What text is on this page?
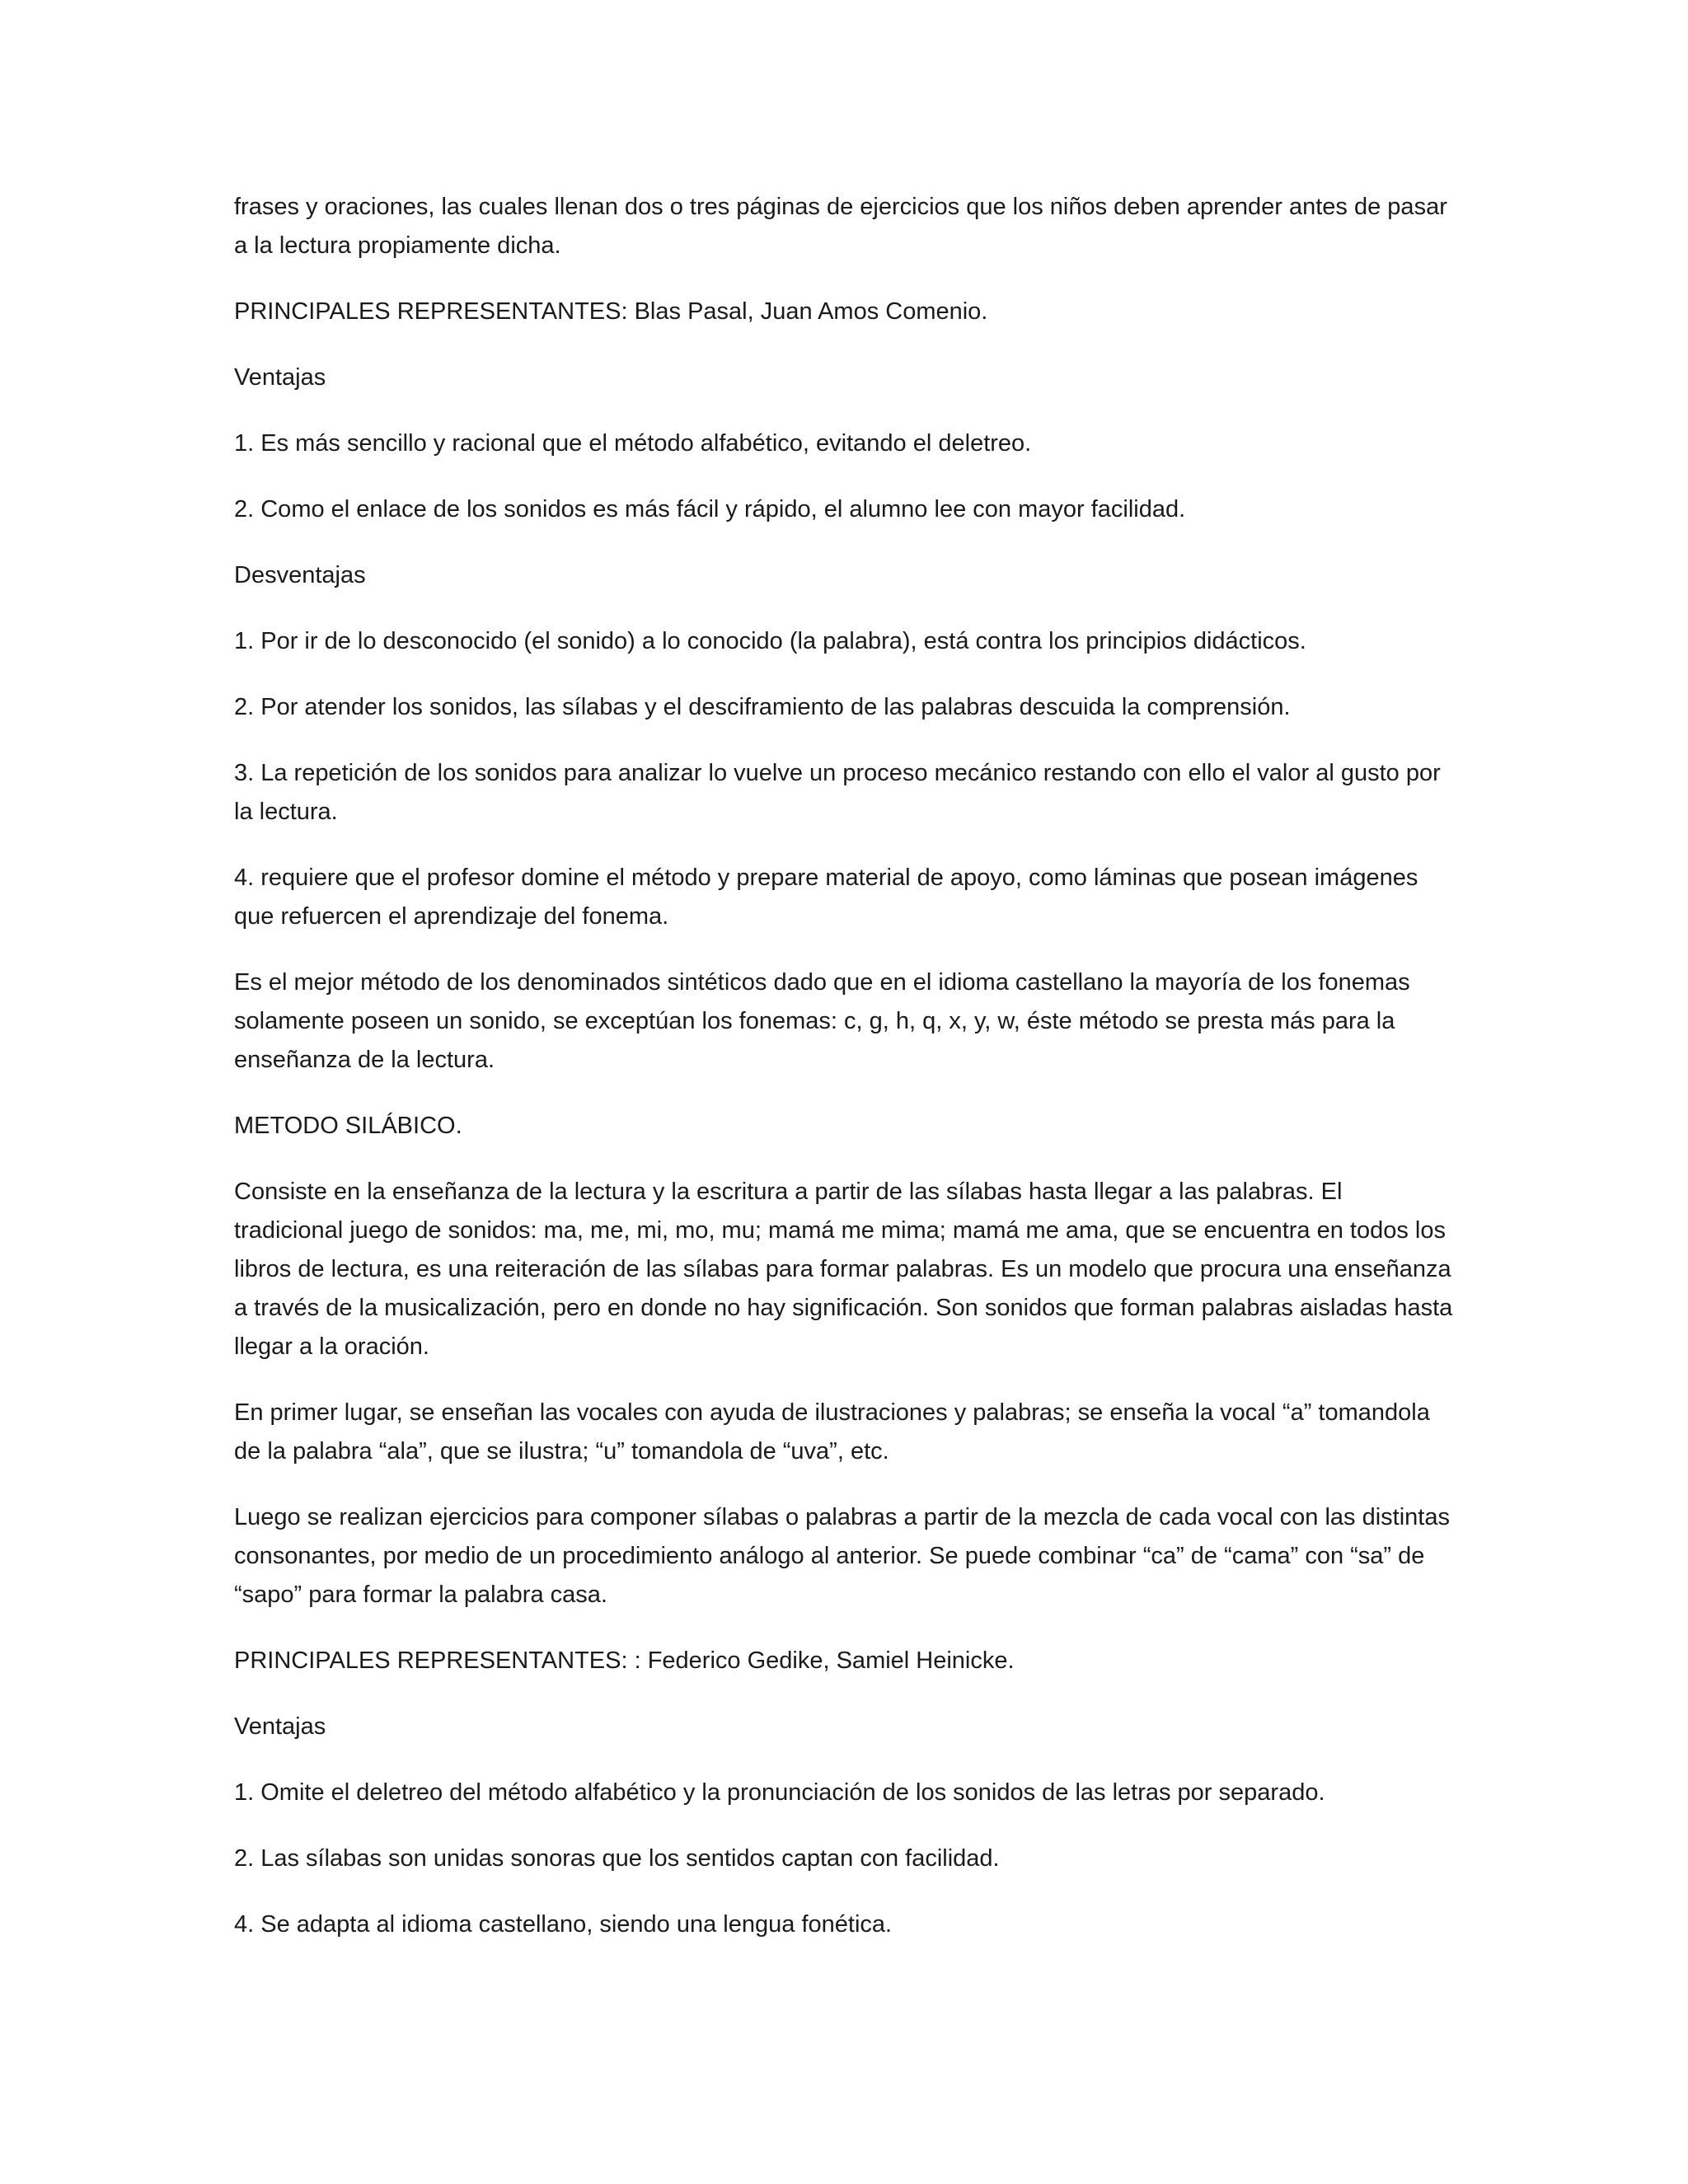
frases y oraciones, las cuales llenan dos o tres páginas de ejercicios que los niños deben aprender antes de pasar a la lectura propiamente dicha.

PRINCIPALES REPRESENTANTES: Blas Pasal, Juan Amos Comenio.

Ventajas

1. Es más sencillo y racional que el método alfabético, evitando el deletreo.

2. Como el enlace de los sonidos es más fácil y rápido, el alumno lee con mayor facilidad.

Desventajas

1. Por ir de lo desconocido (el sonido) a lo conocido (la palabra), está contra los principios didácticos.

2. Por atender los sonidos, las sílabas y el desciframiento de las palabras descuida la comprensión.

3. La repetición de los sonidos para analizar lo vuelve un proceso mecánico restando con ello el valor al gusto por la lectura.

4. requiere que el profesor domine el método y prepare material de apoyo, como láminas que posean imágenes que refuercen el aprendizaje del fonema.

Es el mejor método de los denominados sintéticos dado que en el idioma castellano la mayoría de los fonemas solamente poseen un sonido, se exceptúan los fonemas: c, g, h, q, x, y, w, éste método se presta más para la enseñanza de la lectura.

METODO SILÁBICO.

Consiste en la enseñanza de la lectura y la escritura a partir de las sílabas hasta llegar a las palabras. El tradicional juego de sonidos: ma, me, mi, mo, mu; mamá me mima; mamá me ama, que se encuentra en todos los libros de lectura, es una reiteración de las sílabas para formar palabras. Es un modelo que procura una enseñanza a través de la musicalización, pero en donde no hay significación. Son sonidos que forman palabras aisladas hasta llegar a la oración.

En primer lugar, se enseñan las vocales con ayuda de ilustraciones y palabras; se enseña la vocal “a” tomandola de la palabra “ala”, que se ilustra; “u” tomandola de “uva”, etc.

Luego se realizan ejercicios para componer sílabas o palabras a partir de la mezcla de cada vocal con las distintas consonantes, por medio de un procedimiento análogo al anterior. Se puede combinar “ca” de “cama” con “sa” de “sapo” para formar la palabra casa.

PRINCIPALES REPRESENTANTES: : Federico Gedike, Samiel Heinicke.

Ventajas

1. Omite el deletreo del método alfabético y la pronunciación de los sonidos de las letras por separado.

2. Las sílabas son unidas sonoras que los sentidos captan con facilidad.

4. Se adapta al idioma castellano, siendo una lengua fonética.
